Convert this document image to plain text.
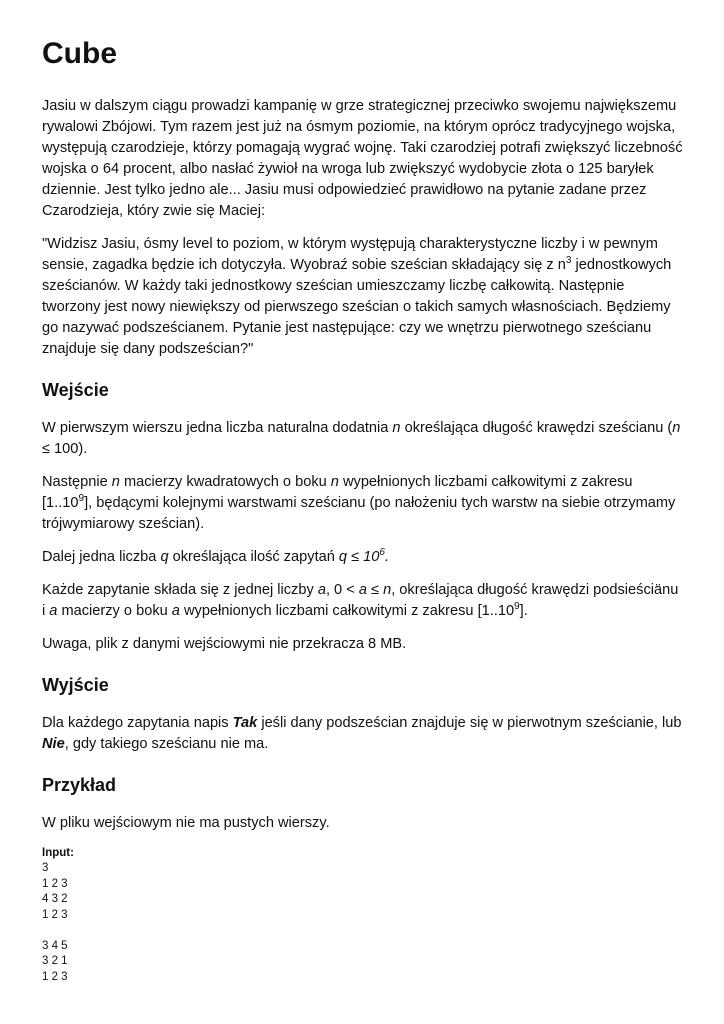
Cube

Jasiu w dalszym ciągu prowadzi kampanię w grze strategicznej przeciwko swojemu największemu rywalowi Zbójowi. Tym razem jest już na ósmym poziomie, na którym oprócz tradycyjnego wojska, występują czarodzieje, którzy pomagają wygrać wojnę. Taki czarodziej potrafi zwiększyć liczebność wojska o 64 procent, albo nasłać żywioł na wroga lub zwiększyć wydobycie złota o 125 baryłek dziennie. Jest tylko jedno ale... Jasiu musi odpowiedzieć prawidłowo na pytanie zadane przez Czarodzieja, który zwie się Maciej:

"Widzisz Jasiu, ósmy level to poziom, w którym występują charakterystyczne liczby i w pewnym sensie, zagadka będzie ich dotyczyła. Wyobraź sobie sześcian składający się z $n^3$ jednostkowych sześcianów. W każdy taki jednostkowy sześcian umieszczamy liczbę całkowitą. Następnie tworzony jest nowy niewiększy od pierwszego sześcian o takich samych własnościach. Będziemy go nazywać podsześcianem. Pytanie jest następujące: czy we wnętrzu pierwotnego sześcianu znajduje się dany podsześcian?"

Wejście

W pierwszym wierszu jedna liczba naturalna dodatnia n określająca długość krawędzi sześcianu (n ≤ 100).

Następnie n macierzy kwadratowych o boku n wypełnionych liczbami całkowitymi z zakresu [1..10$^9$], będącymi kolejnymi warstwami sześcianu (po nałożeniu tych warstw na siebie otrzymamy trójwymiarowy sześcian).

Dalej jedna liczba q określająca ilość zapytań $q \le 10^6$.

Każde zapytanie składa się z jednej liczby a, 0 < a ≤ n, określająca długość krawędzi podsieściänu i a macierzy o boku a wypełnionych liczbami całkowitymi z zakresu [1..10$^9$].

Uwaga, plik z danymi wejściowymi nie przekracza 8 MB.

Wyjście

Dla każdego zapytania napis Tak jeśli dany podsześcian znajduje się w pierwotnym sześcianie, lub Nie, gdy takiego sześcianu nie ma.

Przykład

W pliku wejściowym nie ma pustych wierszy.

Input:
3
1 2 3
4 3 2
1 2 3
3 4 5
3 2 1
1 2 3
